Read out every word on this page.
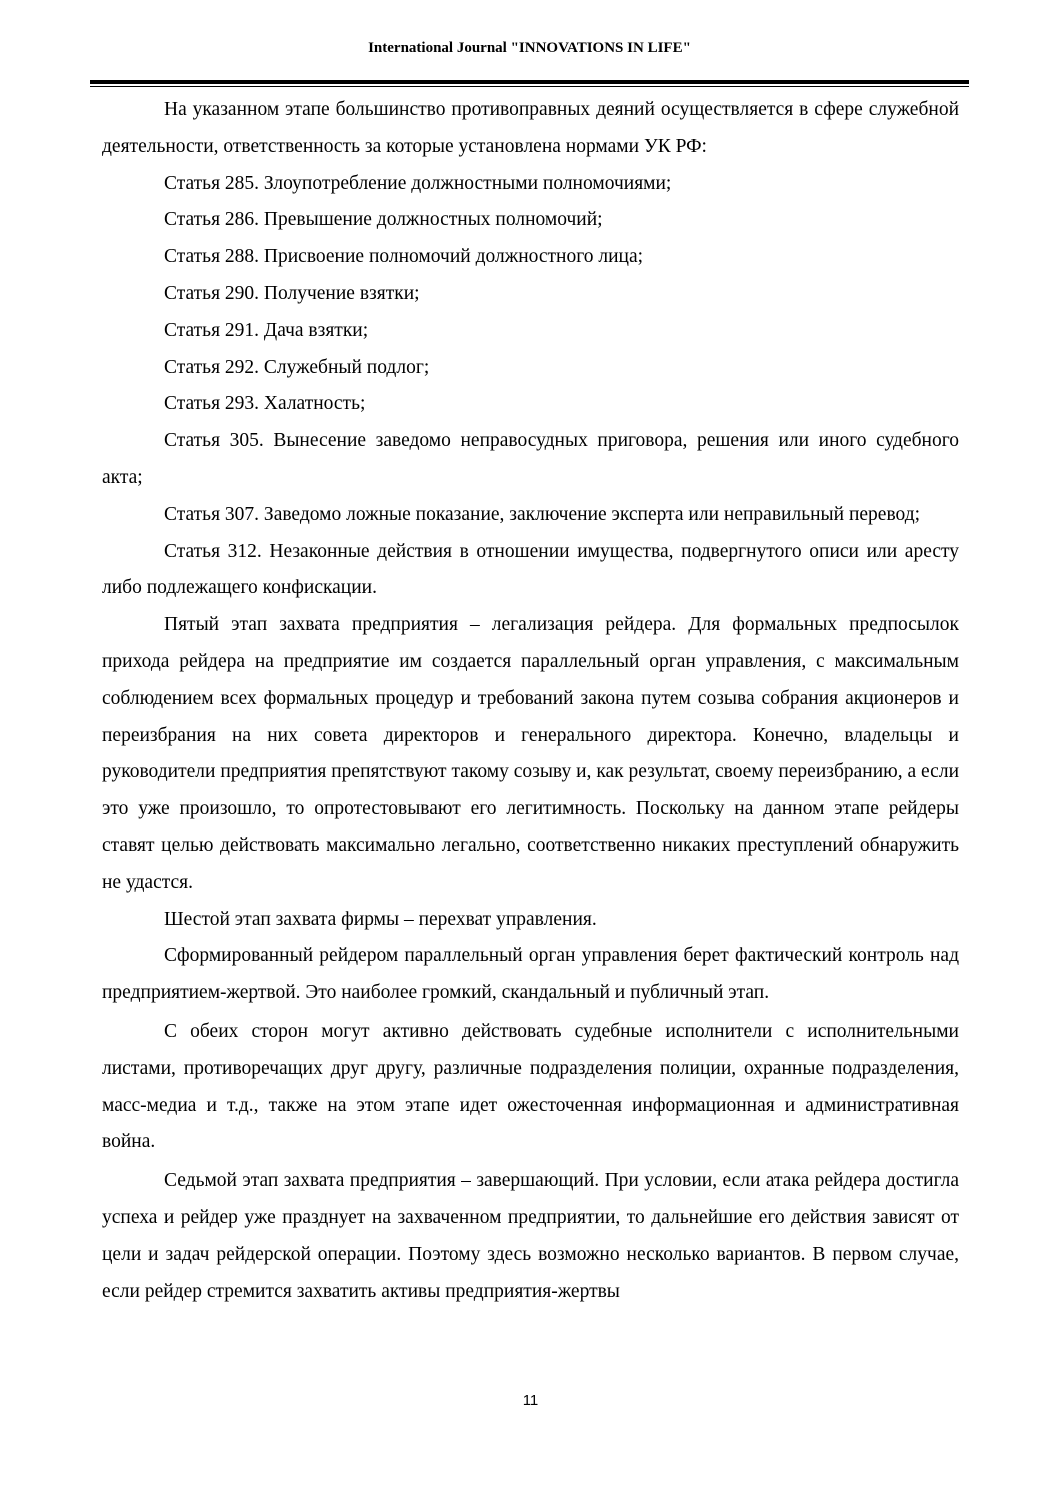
International Journal "INNOVATIONS IN LIFE"

На указанном этапе большинство противоправных деяний осуществляется в сфере служебной деятельности, ответственность за которые установлена нормами УК РФ:

Статья 285. Злоупотребление должностными полномочиями;

Статья 286. Превышение должностных полномочий;

Статья 288. Присвоение полномочий должностного лица;

Статья 290. Получение взятки;

Статья 291. Дача взятки;

Статья 292. Служебный подлог;

Статья 293. Халатность;

Статья 305. Вынесение заведомо неправосудных приговора, решения или иного судебного акта;

Статья 307. Заведомо ложные показание, заключение эксперта или неправильный перевод;

Статья 312. Незаконные действия в отношении имущества, подвергнутого описи или аресту либо подлежащего конфискации.

Пятый этап захвата предприятия – легализация рейдера. Для формальных предпосылок прихода рейдера на предприятие им создается параллельный орган управления, с максимальным соблюдением всех формальных процедур и требований закона путем созыва собрания акционеров и переизбрания на них совета директоров и генерального директора. Конечно, владельцы и руководители предприятия препятствуют такому созыву и, как результат, своему переизбранию, а если это уже произошло, то опротестовывают его легитимность. Поскольку на данном этапе рейдеры ставят целью действовать максимально легально, соответственно никаких преступлений обнаружить не удастся.

Шестой этап захвата фирмы – перехват управления.

Сформированный рейдером параллельный орган управления берет фактический контроль над предприятием-жертвой. Это наиболее громкий, скандальный и публичный этап.

С обеих сторон могут активно действовать судебные исполнители с исполнительными листами, противоречащих друг другу, различные подразделения полиции, охранные подразделения, масс-медиа и т.д., также на этом этапе идет ожесточенная информационная и административная война.

Седьмой этап захвата предприятия – завершающий. При условии, если атака рейдера достигла успеха и рейдер уже празднует на захваченном предприятии, то дальнейшие его действия зависят от цели и задач рейдерской операции. Поэтому здесь возможно несколько вариантов. В первом случае, если рейдер стремится захватить активы предприятия-жертвы

11
